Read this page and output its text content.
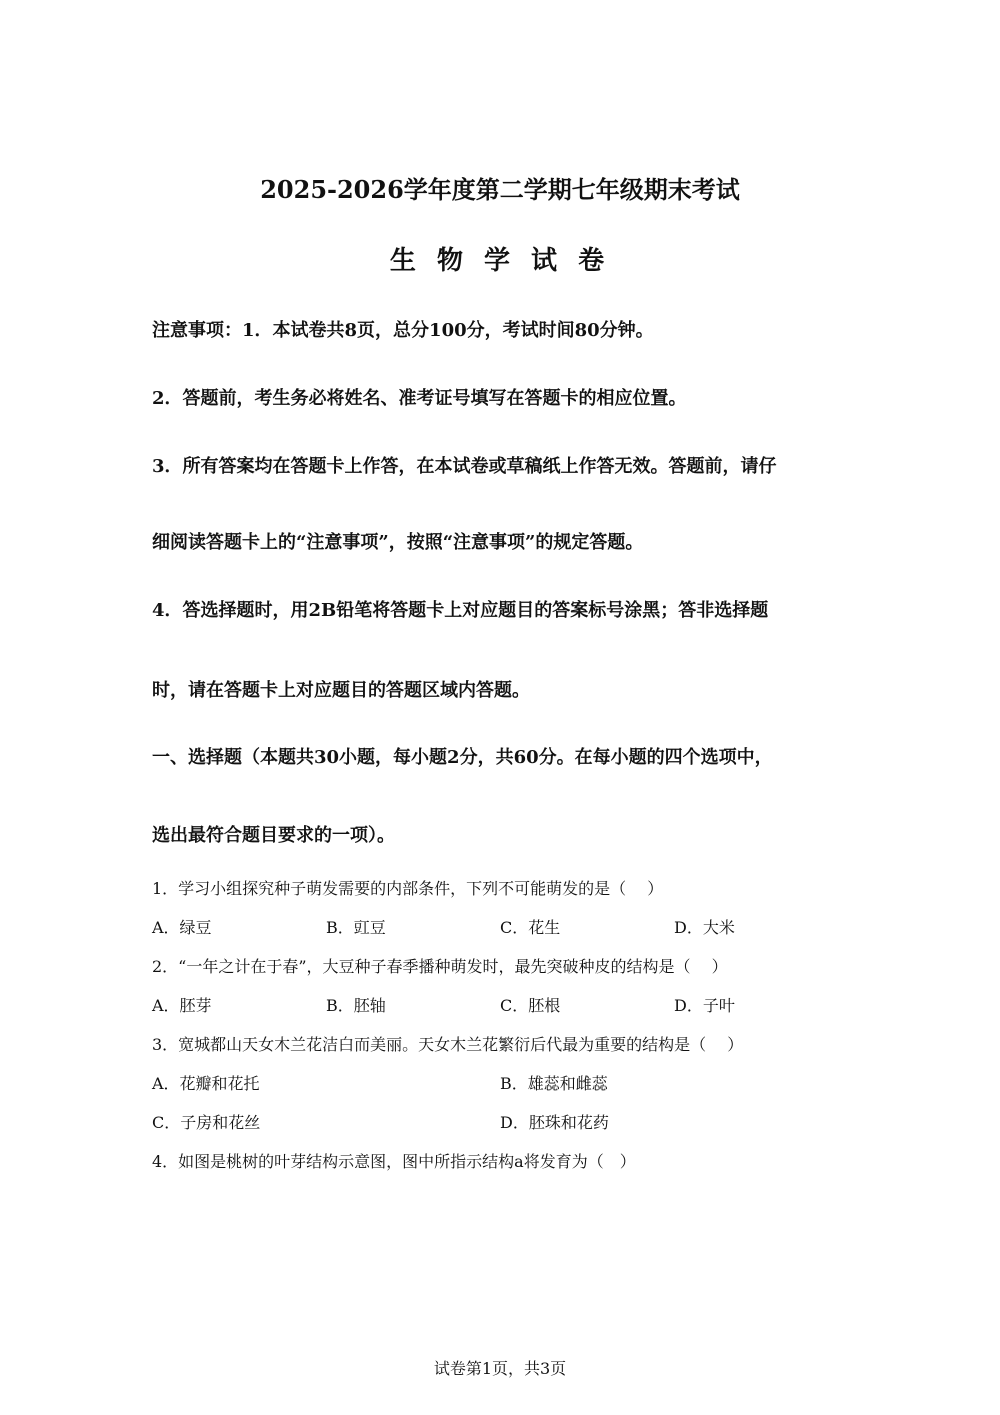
2025-2026学年度第二学期七年级期末考试
生 物 学 试 卷
注意事项：1．本试卷共8页，总分100分，考试时间80分钟。
2．答题前，考生务必将姓名、准考证号填写在答题卡的相应位置。
3．所有答案均在答题卡上作答，在本试卷或草稿纸上作答无效。答题前，请仔
细阅读答题卡上的“注意事项”，按照“注意事项”的规定答题。
4．答选择题时，用2B铅笔将答题卡上对应题目的答案标号涂黑；答非选择题
时，请在答题卡上对应题目的答题区域内答题。
一、选择题（本题共30小题，每小题2分，共60分。在每小题的四个选项中，
选出最符合题目要求的一项）。
1．学习小组探究种子萌发需要的内部条件，下列不可能萌发的是（　 ）
A．绿豆	B．豇豆	C．花生	D．大米
2．“一年之计在于春”，大豆种子春季播种萌发时，最先突破种皮的结构是（　 ）
A．胚芽	B．胚轴	C．胚根	D．子叶
3．宽城都山天女木兰花洁白而美丽。天女木兰花繁衍后代最为重要的结构是（　 ）
A．花瓣和花托	B．雄蕊和雌蕊
C．子房和花丝	D．胚珠和花药
4．如图是桃树的叶芽结构示意图，图中所指示结构a将发育为（　）
试卷第1页，共3页
